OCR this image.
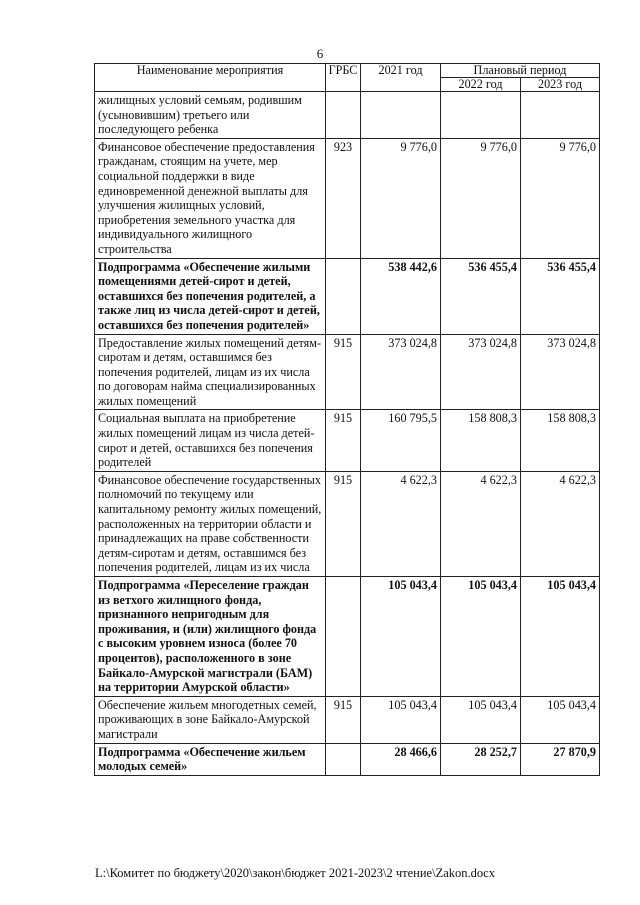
6
Наименование мероприятия	ГРБС	2021 год	Плановый период	
			2022 год	2023 год
жилищных условий семьям, родившим (усыновившим) третьего или последующего ребенка				
Финансовое обеспечение предоставления гражданам, стоящим на учете, мер социальной поддержки в виде единовременной денежной выплаты для улучшения жилищных условий, приобретения земельного участка для индивидуального жилищного строительства	923	9 776,0	9 776,0	9 776,0
Подпрограмма «Обеспечение жилыми помещениями детей-сирот и детей, оставшихся без попечения родителей, а также лиц из числа детей-сирот и детей, оставшихся без попечения родителей»		538 442,6	536 455,4	536 455,4
Предоставление жилых помещений детям-сиротам и детям, оставшимся без попечения родителей, лицам из их числа по договорам найма специализированных жилых помещений	915	373 024,8	373 024,8	373 024,8
Социальная выплата на приобретение жилых помещений лицам из числа детей-сирот и детей, оставшихся без попечения родителей	915	160 795,5	158 808,3	158 808,3
Финансовое обеспечение государственных полномочий по текущему или капитальному ремонту жилых помещений, расположенных на территории области и принадлежащих на праве собственности детям-сиротам и детям, оставшимся без попечения родителей, лицам из их числа	915	4 622,3	4 622,3	4 622,3
Подпрограмма «Переселение граждан из ветхого жилищного фонда, признанного непригодным для проживания, и (или) жилищного фонда с высоким уровнем износа (более 70 процентов), расположенного в зоне Байкало-Амурской магистрали (БАМ) на территории Амурской области»		105 043,4	105 043,4	105 043,4
Обеспечение жильем многодетных семей, проживающих в зоне Байкало-Амурской магистрали	915	105 043,4	105 043,4	105 043,4
Подпрограмма «Обеспечение жильем молодых семей»		28 466,6	28 252,7	27 870,9
L:\Комитет по бюджету\2020\закон\бюджет 2021-2023\2 чтение\Zakon.docx
